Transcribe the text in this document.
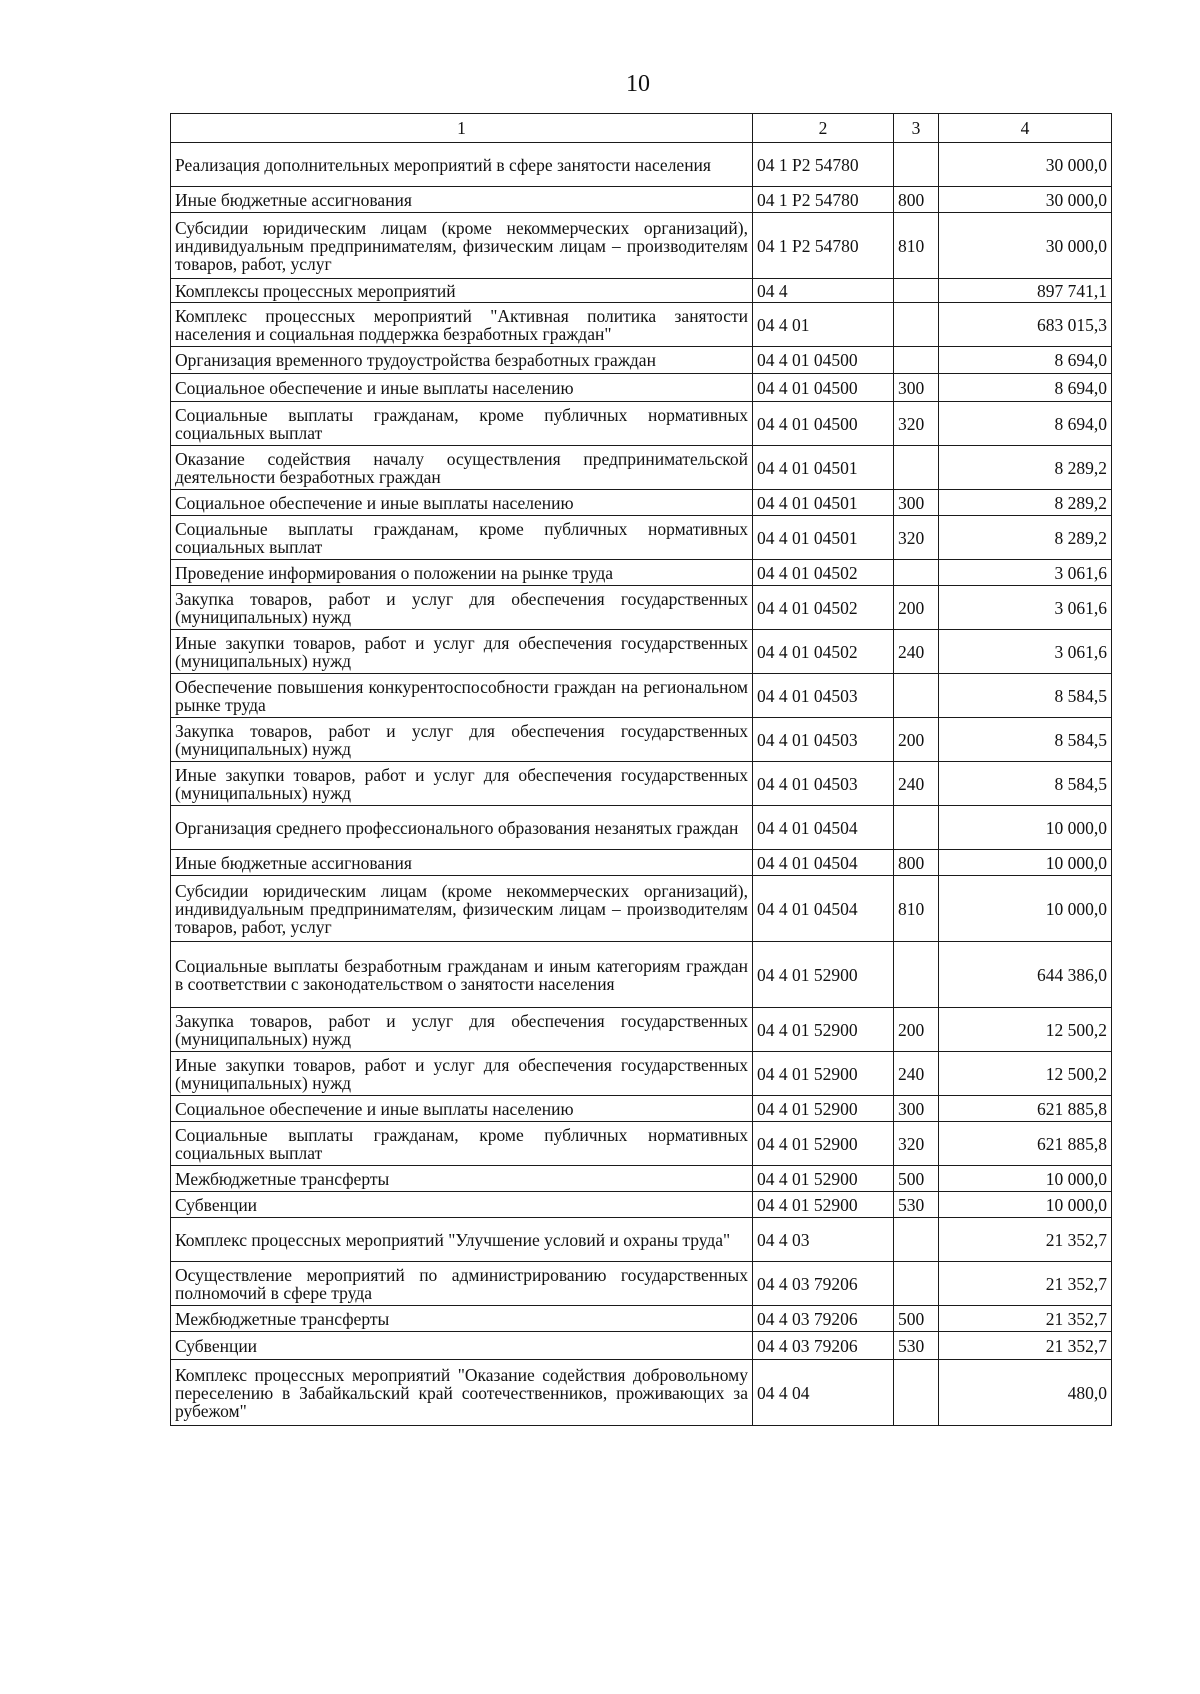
10
1	2	3	4
Реализация дополнительных мероприятий в сфере занятости населения	04 1 P2 54780		30 000,0
Иные бюджетные ассигнования	04 1 P2 54780	800	30 000,0
Субсидии юридическим лицам (кроме некоммерческих организаций), индивидуальным предпринимателям, физическим лицам – производителям товаров, работ, услуг	04 1 P2 54780	810	30 000,0
Комплексы процессных мероприятий	04 4		897 741,1
Комплекс процессных мероприятий "Активная политика занятости населения и социальная поддержка безработных граждан"	04 4 01		683 015,3
Организация временного трудоустройства безработных граждан	04 4 01 04500		8 694,0
Социальное обеспечение и иные выплаты населению	04 4 01 04500	300	8 694,0
Социальные выплаты гражданам, кроме публичных нормативных социальных выплат	04 4 01 04500	320	8 694,0
Оказание содействия началу осуществления предпринимательской деятельности безработных граждан	04 4 01 04501		8 289,2
Социальное обеспечение и иные выплаты населению	04 4 01 04501	300	8 289,2
Социальные выплаты гражданам, кроме публичных нормативных социальных выплат	04 4 01 04501	320	8 289,2
Проведение информирования о положении на рынке труда	04 4 01 04502		3 061,6
Закупка товаров, работ и услуг для обеспечения государственных (муниципальных) нужд	04 4 01 04502	200	3 061,6
Иные закупки товаров, работ и услуг для обеспечения государственных (муниципальных) нужд	04 4 01 04502	240	3 061,6
Обеспечение повышения конкурентоспособности граждан на региональном рынке труда	04 4 01 04503		8 584,5
Закупка товаров, работ и услуг для обеспечения государственных (муниципальных) нужд	04 4 01 04503	200	8 584,5
Иные закупки товаров, работ и услуг для обеспечения государственных (муниципальных) нужд	04 4 01 04503	240	8 584,5
Организация среднего профессионального образования незанятых граждан	04 4 01 04504		10 000,0
Иные бюджетные ассигнования	04 4 01 04504	800	10 000,0
Субсидии юридическим лицам (кроме некоммерческих организаций), индивидуальным предпринимателям, физическим лицам – производителям товаров, работ, услуг	04 4 01 04504	810	10 000,0
Социальные выплаты безработным гражданам и иным категориям граждан в соответствии с законодательством о занятости населения	04 4 01 52900		644 386,0
Закупка товаров, работ и услуг для обеспечения государственных (муниципальных) нужд	04 4 01 52900	200	12 500,2
Иные закупки товаров, работ и услуг для обеспечения государственных (муниципальных) нужд	04 4 01 52900	240	12 500,2
Социальное обеспечение и иные выплаты населению	04 4 01 52900	300	621 885,8
Социальные выплаты гражданам, кроме публичных нормативных социальных выплат	04 4 01 52900	320	621 885,8
Межбюджетные трансферты	04 4 01 52900	500	10 000,0
Субвенции	04 4 01 52900	530	10 000,0
Комплекс процессных мероприятий "Улучшение условий и охраны труда"	04 4 03		21 352,7
Осуществление мероприятий по администрированию государственных полномочий в сфере труда	04 4 03 79206		21 352,7
Межбюджетные трансферты	04 4 03 79206	500	21 352,7
Субвенции	04 4 03 79206	530	21 352,7
Комплекс процессных мероприятий "Оказание содействия добровольному переселению в Забайкальский край соотечественников, проживающих за рубежом"	04 4 04		480,0
